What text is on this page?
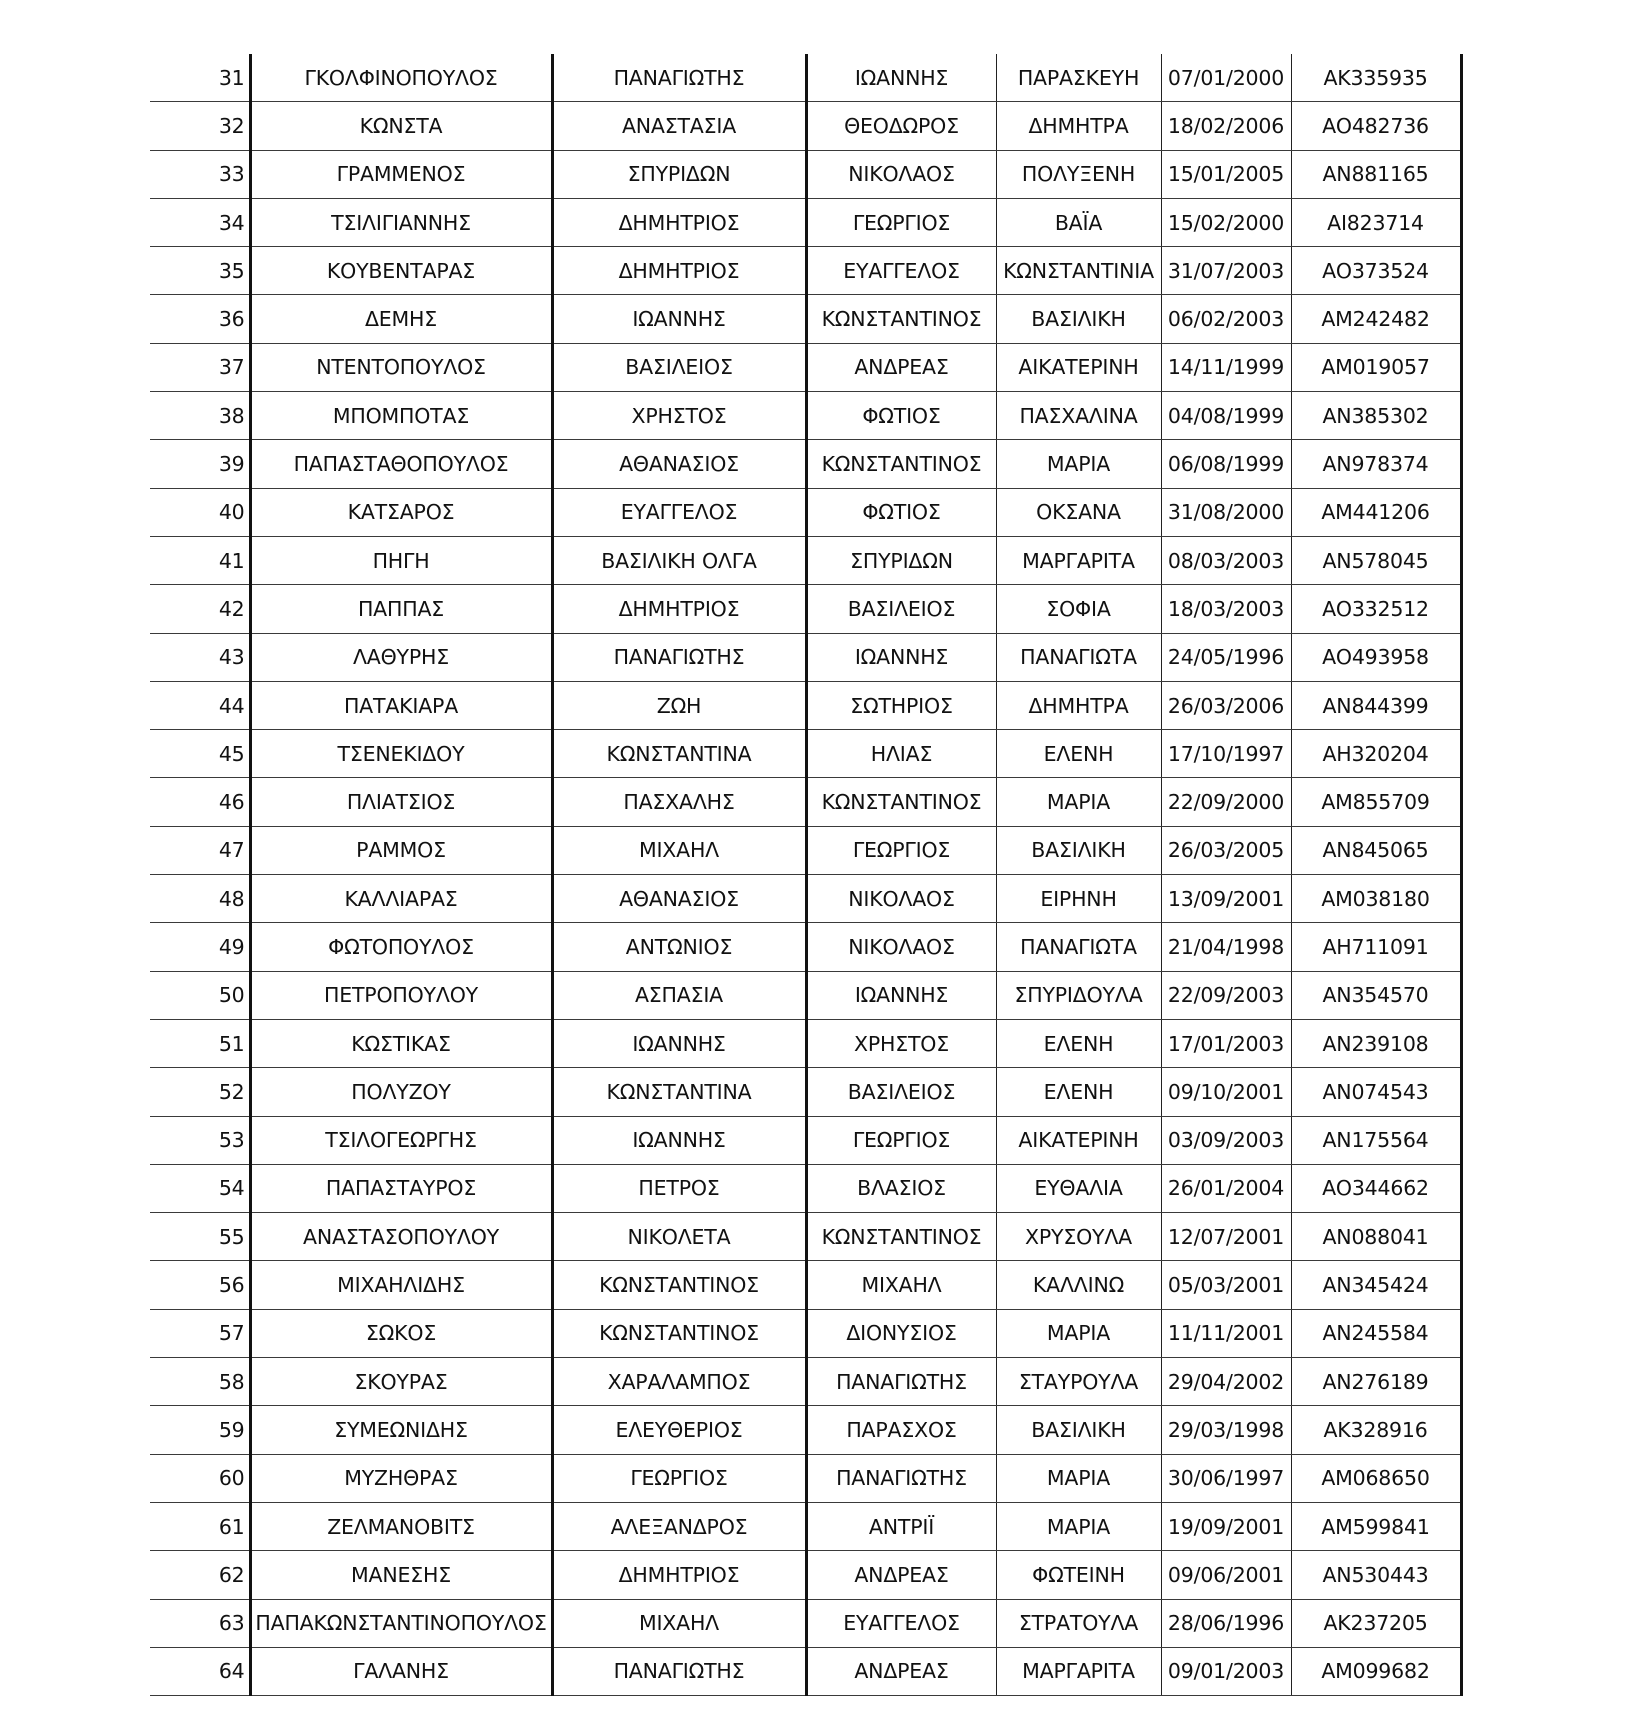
31	ΓΚΟΛΦΙΝΟΠΟΥΛΟΣ	ΠΑΝΑΓΙΩΤΗΣ	ΙΩΑΝΝΗΣ	ΠΑΡΑΣΚΕΥΗ	07/01/2000	ΑΚ335935
32	ΚΩΝΣΤΑ	ΑΝΑΣΤΑΣΙΑ	ΘΕΟΔΩΡΟΣ	ΔΗΜΗΤΡΑ	18/02/2006	ΑΟ482736
33	ΓΡΑΜΜΕΝΟΣ	ΣΠΥΡΙΔΩΝ	ΝΙΚΟΛΑΟΣ	ΠΟΛΥΞΕΝΗ	15/01/2005	ΑΝ881165
34	ΤΣΙΛΙΓΙΑΝΝΗΣ	ΔΗΜΗΤΡΙΟΣ	ΓΕΩΡΓΙΟΣ	ΒΑΪΑ	15/02/2000	ΑΙ823714
35	ΚΟΥΒΕΝΤΑΡΑΣ	ΔΗΜΗΤΡΙΟΣ	ΕΥΑΓΓΕΛΟΣ	ΚΩΝΣΤΑΝΤΙΝΙΑ	31/07/2003	ΑΟ373524
36	ΔΕΜΗΣ	ΙΩΑΝΝΗΣ	ΚΩΝΣΤΑΝΤΙΝΟΣ	ΒΑΣΙΛΙΚΗ	06/02/2003	ΑΜ242482
37	ΝΤΕΝΤΟΠΟΥΛΟΣ	ΒΑΣΙΛΕΙΟΣ	ΑΝΔΡΕΑΣ	ΑΙΚΑΤΕΡΙΝΗ	14/11/1999	ΑΜ019057
38	ΜΠΟΜΠΟΤΑΣ	ΧΡΗΣΤΟΣ	ΦΩΤΙΟΣ	ΠΑΣΧΑΛΙΝΑ	04/08/1999	ΑΝ385302
39	ΠΑΠΑΣΤΑΘΟΠΟΥΛΟΣ	ΑΘΑΝΑΣΙΟΣ	ΚΩΝΣΤΑΝΤΙΝΟΣ	ΜΑΡΙΑ	06/08/1999	ΑΝ978374
40	ΚΑΤΣΑΡΟΣ	ΕΥΑΓΓΕΛΟΣ	ΦΩΤΙΟΣ	ΟΚΣΑΝΑ	31/08/2000	ΑΜ441206
41	ΠΗΓΗ	ΒΑΣΙΛΙΚΗ ΟΛΓΑ	ΣΠΥΡΙΔΩΝ	ΜΑΡΓΑΡΙΤΑ	08/03/2003	ΑΝ578045
42	ΠΑΠΠΑΣ	ΔΗΜΗΤΡΙΟΣ	ΒΑΣΙΛΕΙΟΣ	ΣΟΦΙΑ	18/03/2003	ΑΟ332512
43	ΛΑΘΥΡΗΣ	ΠΑΝΑΓΙΩΤΗΣ	ΙΩΑΝΝΗΣ	ΠΑΝΑΓΙΩΤΑ	24/05/1996	ΑΟ493958
44	ΠΑΤΑΚΙΑΡΑ	ΖΩΗ	ΣΩΤΗΡΙΟΣ	ΔΗΜΗΤΡΑ	26/03/2006	ΑΝ844399
45	ΤΣΕΝΕΚΙΔΟΥ	ΚΩΝΣΤΑΝΤΙΝΑ	ΗΛΙΑΣ	ΕΛΕΝΗ	17/10/1997	ΑΗ320204
46	ΠΛΙΑΤΣΙΟΣ	ΠΑΣΧΑΛΗΣ	ΚΩΝΣΤΑΝΤΙΝΟΣ	ΜΑΡΙΑ	22/09/2000	ΑΜ855709
47	ΡΑΜΜΟΣ	ΜΙΧΑΗΛ	ΓΕΩΡΓΙΟΣ	ΒΑΣΙΛΙΚΗ	26/03/2005	ΑΝ845065
48	ΚΑΛΛΙΑΡΑΣ	ΑΘΑΝΑΣΙΟΣ	ΝΙΚΟΛΑΟΣ	ΕΙΡΗΝΗ	13/09/2001	ΑΜ038180
49	ΦΩΤΟΠΟΥΛΟΣ	ΑΝΤΩΝΙΟΣ	ΝΙΚΟΛΑΟΣ	ΠΑΝΑΓΙΩΤΑ	21/04/1998	ΑΗ711091
50	ΠΕΤΡΟΠΟΥΛΟΥ	ΑΣΠΑΣΙΑ	ΙΩΑΝΝΗΣ	ΣΠΥΡΙΔΟΥΛΑ	22/09/2003	ΑΝ354570
51	ΚΩΣΤΙΚΑΣ	ΙΩΑΝΝΗΣ	ΧΡΗΣΤΟΣ	ΕΛΕΝΗ	17/01/2003	ΑΝ239108
52	ΠΟΛΥΖΟΥ	ΚΩΝΣΤΑΝΤΙΝΑ	ΒΑΣΙΛΕΙΟΣ	ΕΛΕΝΗ	09/10/2001	ΑΝ074543
53	ΤΣΙΛΟΓΕΩΡΓΗΣ	ΙΩΑΝΝΗΣ	ΓΕΩΡΓΙΟΣ	ΑΙΚΑΤΕΡΙΝΗ	03/09/2003	ΑΝ175564
54	ΠΑΠΑΣΤΑΥΡΟΣ	ΠΕΤΡΟΣ	ΒΛΑΣΙΟΣ	ΕΥΘΑΛΙΑ	26/01/2004	ΑΟ344662
55	ΑΝΑΣΤΑΣΟΠΟΥΛΟΥ	ΝΙΚΟΛΕΤΑ	ΚΩΝΣΤΑΝΤΙΝΟΣ	ΧΡΥΣΟΥΛΑ	12/07/2001	ΑΝ088041
56	ΜΙΧΑΗΛΙΔΗΣ	ΚΩΝΣΤΑΝΤΙΝΟΣ	ΜΙΧΑΗΛ	ΚΑΛΛΙΝΩ	05/03/2001	ΑΝ345424
57	ΣΩΚΟΣ	ΚΩΝΣΤΑΝΤΙΝΟΣ	ΔΙΟΝΥΣΙΟΣ	ΜΑΡΙΑ	11/11/2001	ΑΝ245584
58	ΣΚΟΥΡΑΣ	ΧΑΡΑΛΑΜΠΟΣ	ΠΑΝΑΓΙΩΤΗΣ	ΣΤΑΥΡΟΥΛΑ	29/04/2002	ΑΝ276189
59	ΣΥΜΕΩΝΙΔΗΣ	ΕΛΕΥΘΕΡΙΟΣ	ΠΑΡΑΣΧΟΣ	ΒΑΣΙΛΙΚΗ	29/03/1998	ΑΚ328916
60	ΜΥΖΗΘΡΑΣ	ΓΕΩΡΓΙΟΣ	ΠΑΝΑΓΙΩΤΗΣ	ΜΑΡΙΑ	30/06/1997	ΑΜ068650
61	ΖΕΛΜΑΝΟΒΙΤΣ	ΑΛΕΞΑΝΔΡΟΣ	ΑΝΤΡΙΪ	ΜΑΡΙΑ	19/09/2001	ΑΜ599841
62	ΜΑΝΕΣΗΣ	ΔΗΜΗΤΡΙΟΣ	ΑΝΔΡΕΑΣ	ΦΩΤΕΙΝΗ	09/06/2001	ΑΝ530443
63	ΠΑΠΑΚΩΝΣΤΑΝΤΙΝΟΠΟΥΛΟΣ	ΜΙΧΑΗΛ	ΕΥΑΓΓΕΛΟΣ	ΣΤΡΑΤΟΥΛΑ	28/06/1996	ΑΚ237205
64	ΓΑΛΑΝΗΣ	ΠΑΝΑΓΙΩΤΗΣ	ΑΝΔΡΕΑΣ	ΜΑΡΓΑΡΙΤΑ	09/01/2003	ΑΜ099682
